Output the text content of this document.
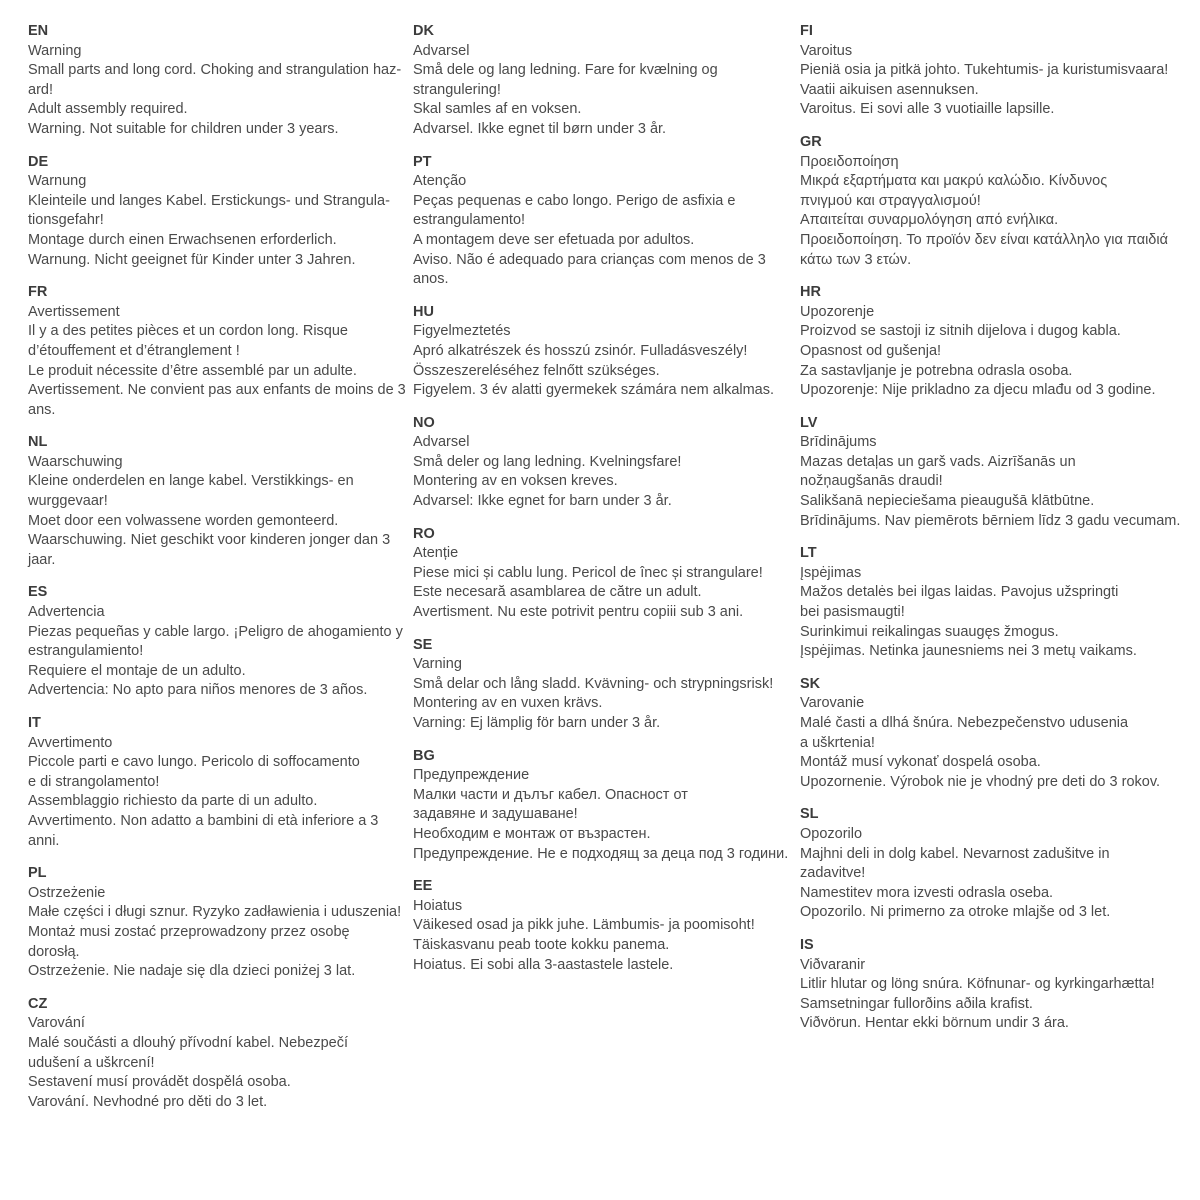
EN
Warning
Small parts and long cord. Choking and strangulation haz-
ard!
Adult assembly required.
Warning. Not suitable for children under 3 years.
DE
Warnung
Kleinteile und langes Kabel. Erstickungs- und Strangula-
tionsgefahr!
Montage durch einen Erwachsenen erforderlich.
Warnung. Nicht geeignet für Kinder unter 3 Jahren.
FR
Avertissement
Il y a des petites pièces et un cordon long. Risque
d’étouffement et d’étranglement !
Le produit nécessite d’être assemblé par un adulte.
Avertissement. Ne convient pas aux enfants de moins de 3
ans.
NL
Waarschuwing
Kleine onderdelen en lange kabel. Verstikkings- en
wurggevaar!
Moet door een volwassene worden gemonteerd.
Waarschuwing. Niet geschikt voor kinderen jonger dan 3
jaar.
ES
Advertencia
Piezas pequeñas y cable largo. ¡Peligro de ahogamiento y
estrangulamiento!
Requiere el montaje de un adulto.
Advertencia: No apto para niños menores de 3 años.
IT
Avvertimento
Piccole parti e cavo lungo. Pericolo di soffocamento
e di strangolamento!
Assemblaggio richiesto da parte di un adulto.
Avvertimento. Non adatto a bambini di età inferiore a 3
anni.
PL
Ostrzeżenie
Małe części i długi sznur. Ryzyko zadławienia i uduszenia!
Montaż musi zostać przeprowadzony przez osobę
dorosłą.
Ostrzeżenie. Nie nadaje się dla dzieci poniżej 3 lat.
CZ
Varování
Malé součásti a dlouhý přívodní kabel. Nebezpečí
udušení a uškrcení!
Sestavení musí provádět dospělá osoba.
Varování. Nevhodné pro děti do 3 let.
DK
Advarsel
Små dele og lang ledning. Fare for kvælning og
strangulering!
Skal samles af en voksen.
Advarsel. Ikke egnet til børn under 3 år.
PT
Atenção
Peças pequenas e cabo longo. Perigo de asfixia e
estrangulamento!
A montagem deve ser efetuada por adultos.
Aviso. Não é adequado para crianças com menos de 3
anos.
HU
Figyelmeztetés
Apró alkatrészek és hosszú zsinór. Fulladásveszély!
Összeszereléséhez felnőtt szükséges.
Figyelem. 3 év alatti gyermekek számára nem alkalmas.
NO
Advarsel
Små deler og lang ledning. Kvelningsfare!
Montering av en voksen kreves.
Advarsel: Ikke egnet for barn under 3 år.
RO
Atenție
Piese mici și cablu lung. Pericol de înec și strangulare!
Este necesară asamblarea de către un adult.
Avertisment. Nu este potrivit pentru copiii sub 3 ani.
SE
Varning
Små delar och lång sladd. Kvävning- och strypningsrisk!
Montering av en vuxen krävs.
Varning: Ej lämplig för barn under 3 år.
BG
Предупреждение
Малки части и дълъг кабел. Опасност от
задавяне и задушаване!
Необходим е монтаж от възрастен.
Предупреждение. Не е подходящ за деца под 3 години.
EE
Hoiatus
Väikesed osad ja pikk juhe. Lämbumis- ja poomisoht!
Täiskasvanu peab toote kokku panema.
Hoiatus. Ei sobi alla 3-aastastele lastele.
FI
Varoitus
Pieniä osia ja pitkä johto. Tukehtumis- ja kuristumisvaara!
Vaatii aikuisen asennuksen.
Varoitus. Ei sovi alle 3 vuotiaille lapsille.
GR
Προειδοποίηση
Μικρά εξαρτήματα και μακρύ καλώδιο. Κίνδυνος
πνιγμού και στραγγαλισμού!
Απαιτείται συναρμολόγηση από ενήλικα.
Προειδοποίηση. Το προϊόν δεν είναι κατάλληλο για παιδιά
κάτω των 3 ετών.
HR
Upozorenje
Proizvod se sastoji iz sitnih dijelova i dugog kabla.
Opasnost od gušenja!
Za sastavljanje je potrebna odrasla osoba.
Upozorenje: Nije prikladno za djecu mlađu od 3 godine.
LV
Brīdinājums
Mazas detaļas un garš vads. Aizrīšanās un
nožņaugšanās draudi!
Salikšanā nepieciešama pieaugušā klātbūtne.
Brīdinājums. Nav piemērots bērniem līdz 3 gadu vecumam.
LT
Įspėjimas
Mažos detalės bei ilgas laidas. Pavojus užspringti
bei pasismaugti!
Surinkimui reikalingas suaugęs žmogus.
Įspėjimas. Netinka jaunesniems nei 3 metų vaikams.
SK
Varovanie
Malé časti a dlhá šnúra. Nebezpečenstvo udusenia
a uškrtenia!
Montáž musí vykonať dospelá osoba.
Upozornenie. Výrobok nie je vhodný pre deti do 3 rokov.
SL
Opozorilo
Majhni deli in dolg kabel. Nevarnost zadušitve in
zadavitve!
Namestitev mora izvesti odrasla oseba.
Opozorilo. Ni primerno za otroke mlajše od 3 let.
IS
Viðvaranir
Litlir hlutar og löng snúra. Köfnunar- og kyrkingarhætta!
Samsetningar fullorðins aðila krafist.
Viðvörun. Hentar ekki börnum undir 3 ára.
